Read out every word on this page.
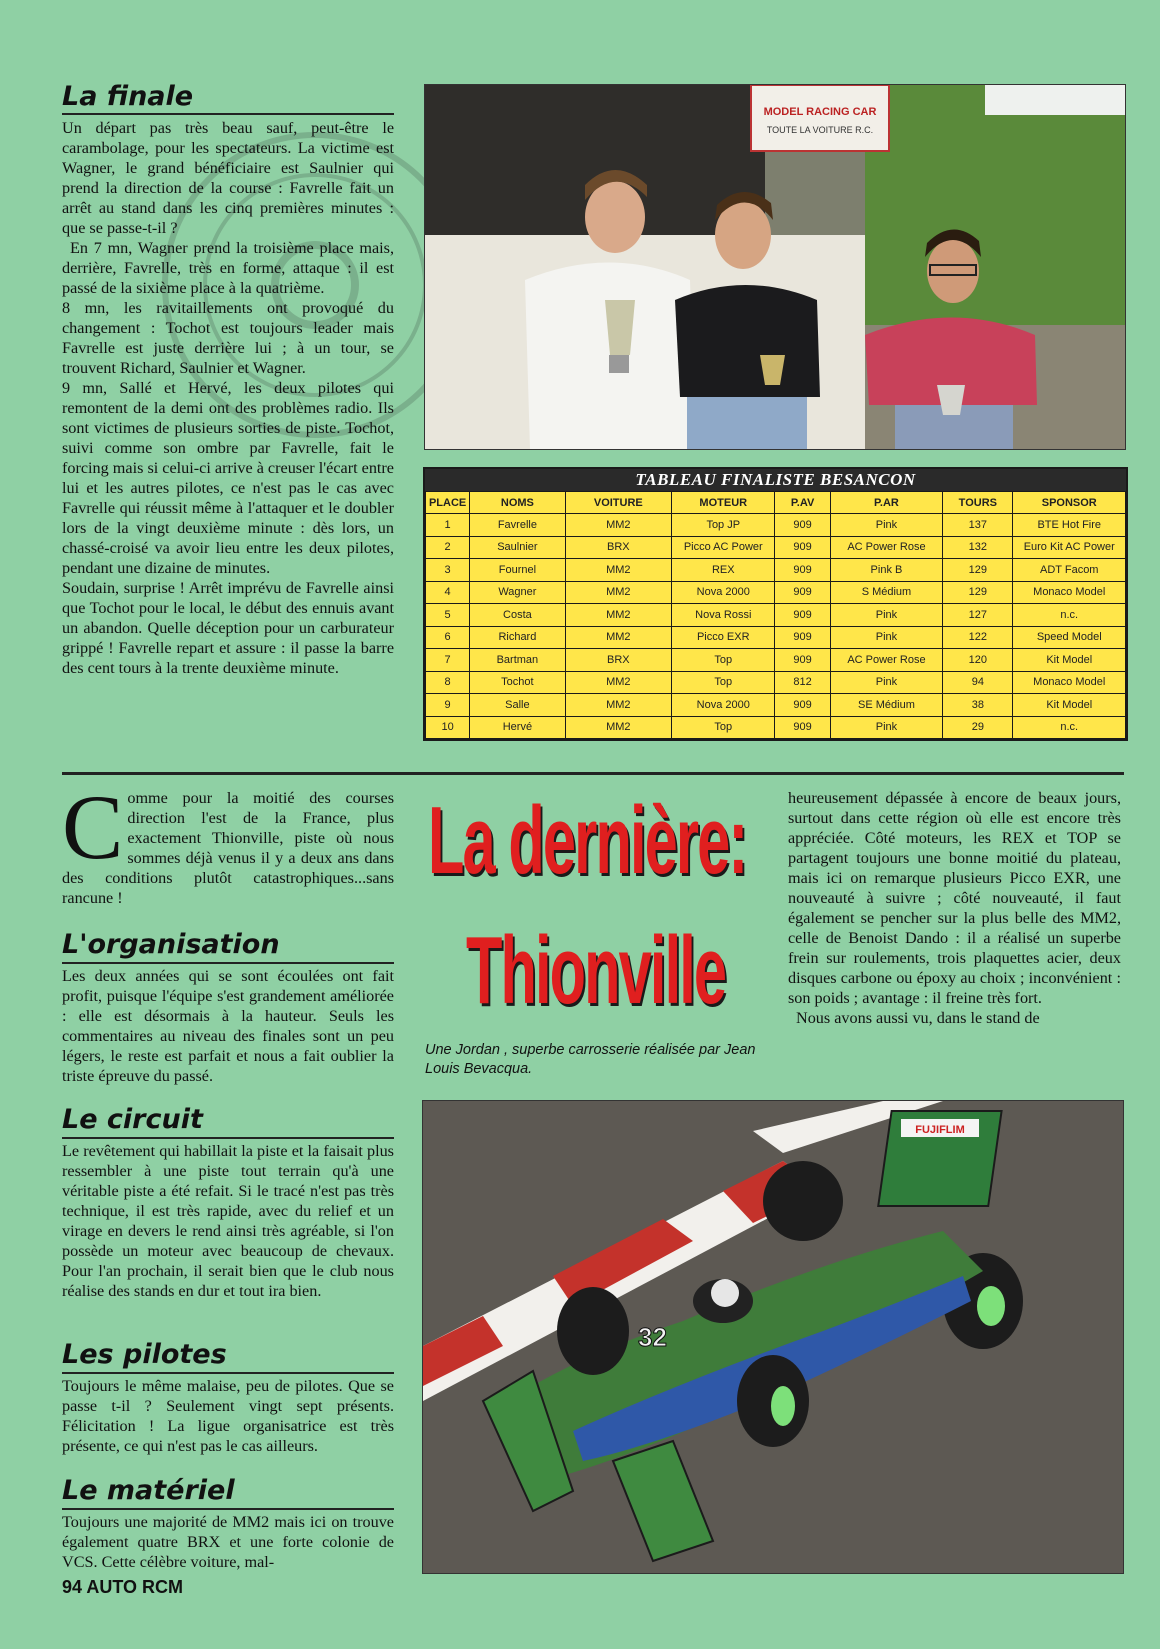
La finale

Un départ pas très beau sauf, peut-être le carambolage, pour les spectateurs. La victime est Wagner, le grand bénéficiaire est Saulnier qui prend la direction de la course : Favrelle fait un arrêt au stand dans les cinq premières minutes : que se passe-t-il ?

En 7 mn, Wagner prend la troisième place mais, derrière, Favrelle, très en forme, attaque : il est passé de la sixième place à la quatrième.

8 mn, les ravitaillements ont provoqué du changement : Tochot est toujours leader mais Favrelle est juste derrière lui ; à un tour, se trouvent Richard, Saulnier et Wagner.

9 mn, Sallé et Hervé, les deux pilotes qui remontent de la demi ont des problèmes radio. Ils sont victimes de plusieurs sorties de piste. Tochot, suivi comme son ombre par Favrelle, fait le forcing mais si celui-ci arrive à creuser l'écart entre lui et les autres pilotes, ce n'est pas le cas avec Favrelle qui réussit même à l'attaquer et le doubler lors de la vingt deuxième minute : dès lors, un chassé-croisé va avoir lieu entre les deux pilotes, pendant une dizaine de minutes.

Soudain, surprise ! Arrêt imprévu de Favrelle ainsi que Tochot pour le local, le début des ennuis avant un abandon. Quelle déception pour un carburateur grippé ! Favrelle repart et assure : il passe la barre des cent tours à la trente deuxième minute.

MODEL RACING CAR
TOUTE LA VOITURE R.C.
TABLEAU FINALISTE BESANCON
PLACE	NOMS	VOITURE	MOTEUR	P.AV	P.AR	TOURS	SPONSOR
1	Favrelle	MM2	Top JP	909	Pink	137	BTE Hot Fire
2	Saulnier	BRX	Picco AC Power	909	AC Power Rose	132	Euro Kit AC Power
3	Fournel	MM2	REX	909	Pink B	129	ADT Facom
4	Wagner	MM2	Nova 2000	909	S Médium	129	Monaco Model
5	Costa	MM2	Nova Rossi	909	Pink	127	n.c.
6	Richard	MM2	Picco EXR	909	Pink	122	Speed Model
7	Bartman	BRX	Top	909	AC Power Rose	120	Kit Model
8	Tochot	MM2	Top	812	Pink	94	Monaco Model
9	Salle	MM2	Nova 2000	909	SE Médium	38	Kit Model
10	Hervé	MM2	Top	909	Pink	29	n.c.
C omme pour la moitié des courses direction l'est de la France, plus exactement Thionville, piste où nous sommes déjà venus il y a deux ans dans des conditions plutôt catastrophiques...sans rancune !
L'organisation
Les deux années qui se sont écoulées ont fait profit, puisque l'équipe s'est grandement améliorée : elle est désormais à la hauteur. Seuls les commentaires au niveau des finales sont un peu légers, le reste est parfait et nous a fait oublier la triste épreuve du passé.
Le circuit
Le revêtement qui habillait la piste et la faisait plus ressembler à une piste tout terrain qu'à une véritable piste a été refait. Si le tracé n'est pas très technique, il est très rapide, avec du relief et un virage en devers le rend ainsi très agréable, si l'on possède un moteur avec beaucoup de chevaux. Pour l'an prochain, il serait bien que le club nous réalise des stands en dur et tout ira bien.
Les pilotes
Toujours le même malaise, peu de pilotes. Que se passe t-il ? Seulement vingt sept présents. Félicitation ! La ligue organisatrice est très présente, ce qui n'est pas le cas ailleurs.
Le matériel
Toujours une majorité de MM2 mais ici on trouve également quatre BRX et une forte colonie de VCS. Cette célèbre voiture, mal-
94 AUTO RCM
La dernière:
Thionville
Une Jordan , superbe carrosserie réalisée par Jean Louis Bevacqua.

heureusement dépassée à encore de beaux jours, surtout dans cette région où elle est encore très appréciée. Côté moteurs, les REX et TOP se partagent toujours une bonne moitié du plateau, mais ici on remarque plusieurs Picco EXR, une nouveauté à suivre ; côté nouveauté, il faut également se pencher sur la plus belle des MM2, celle de Benoist Dando : il a réalisé un superbe frein sur roulements, trois plaquettes acier, deux disques carbone ou époxy au choix ; inconvénient : son poids ; avantage : il freine très fort.

Nous avons aussi vu, dans le stand de

FUJIFLIM
32
